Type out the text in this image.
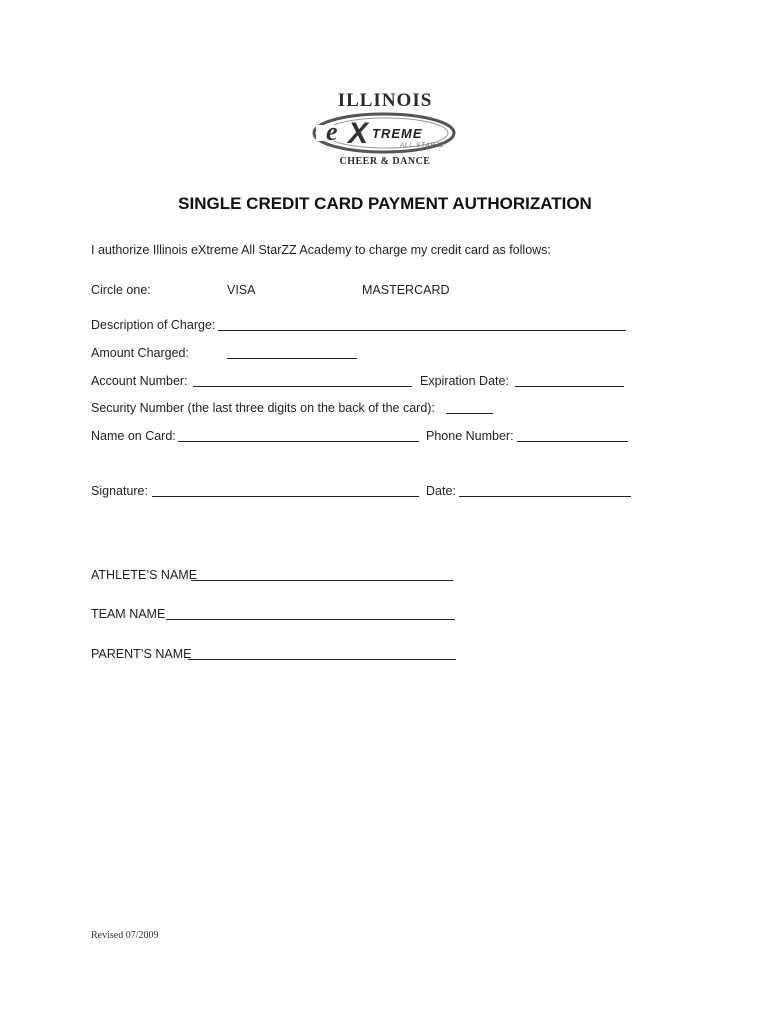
ILLINOIS
e X TREME
ALL STARZZ
CHEER & DANCE
SINGLE CREDIT CARD PAYMENT AUTHORIZATION
I authorize Illinois eXtreme All StarZZ Academy to charge my credit card as follows:
Circle one:	VISA	MASTERCARD
Description of Charge:
Amount Charged:
Account Number:	Expiration Date:
Security Number (the last three digits on the back of the card):
Name on Card:	Phone Number:
Signature:	Date:
ATHLETE’S NAME
TEAM NAME
PARENT’S NAME
Revised 07/2009
